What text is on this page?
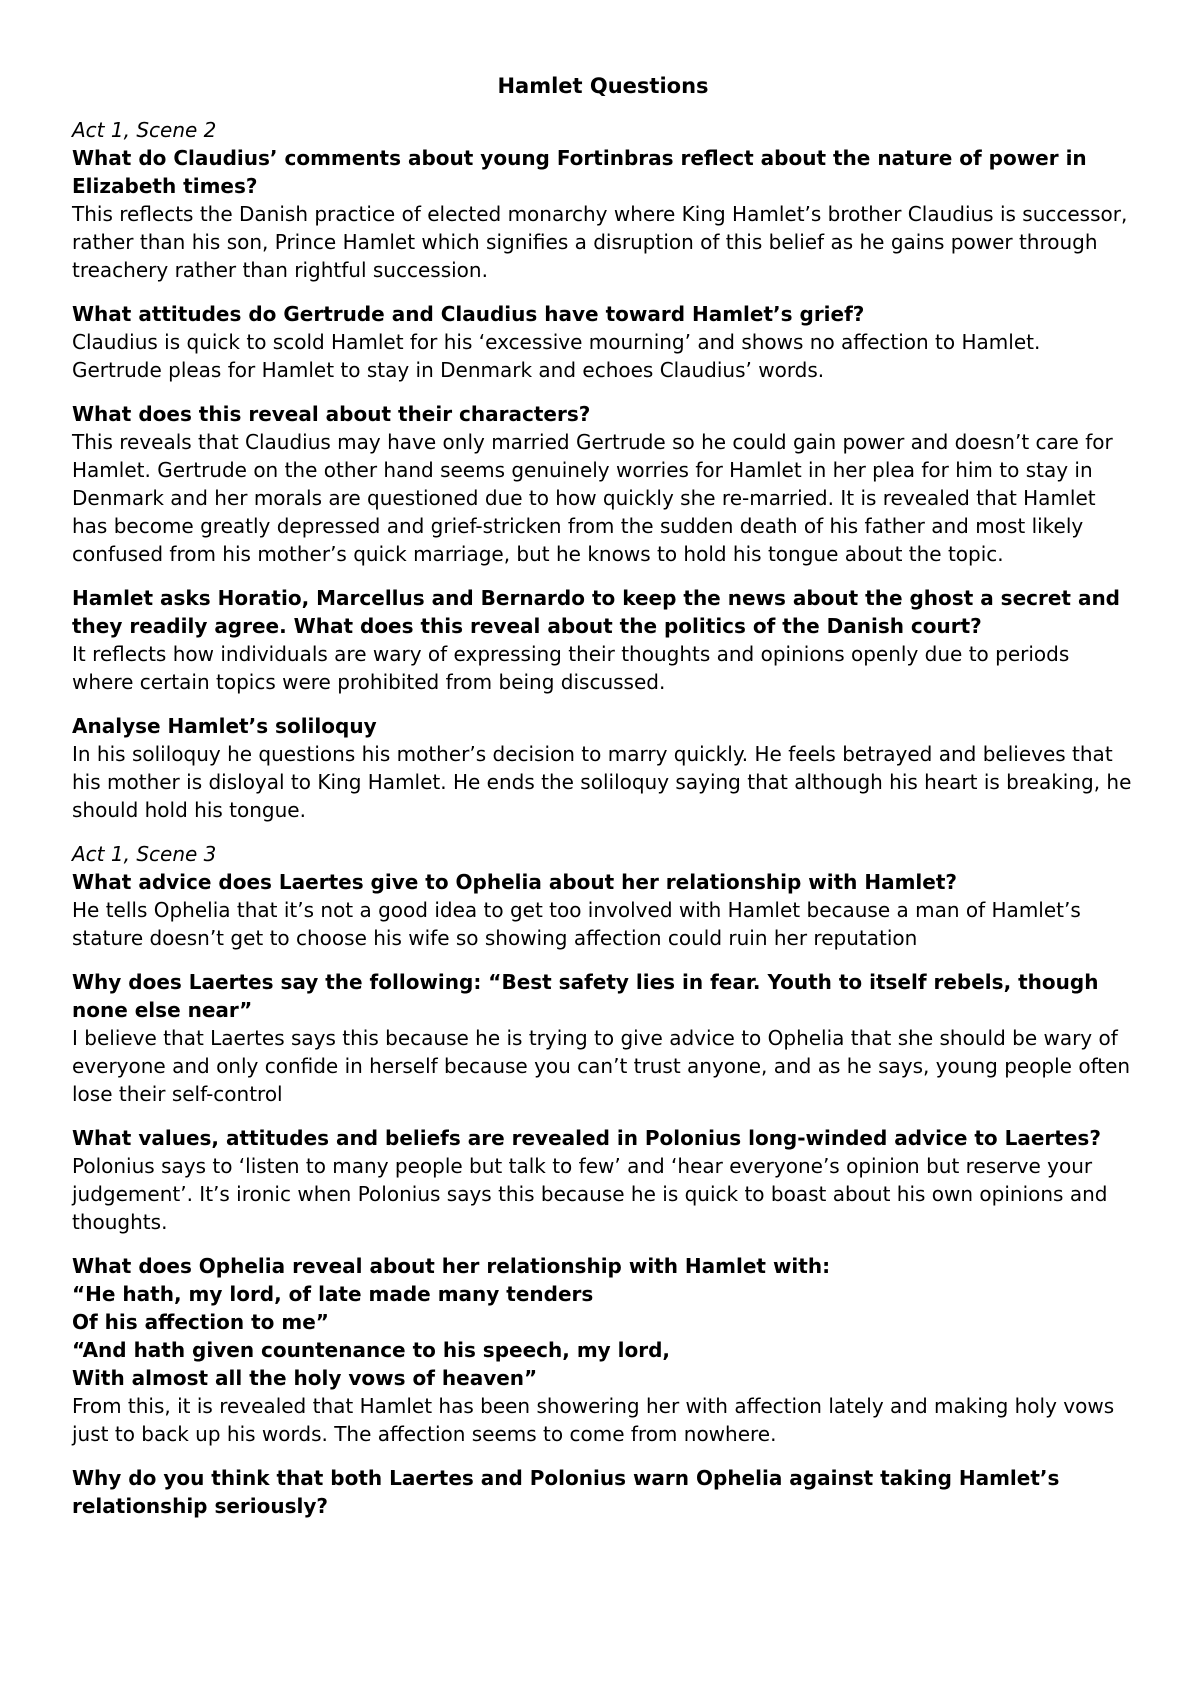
Hamlet Questions

Act 1, Scene 2

What do Claudius’ comments about young Fortinbras reflect about the nature of power in Elizabeth times?

This reflects the Danish practice of elected monarchy where King Hamlet’s brother Claudius is successor, rather than his son, Prince Hamlet which signifies a disruption of this belief as he gains power through treachery rather than rightful succession.

What attitudes do Gertrude and Claudius have toward Hamlet’s grief?

Claudius is quick to scold Hamlet for his ‘excessive mourning’ and shows no affection to Hamlet. Gertrude pleas for Hamlet to stay in Denmark and echoes Claudius’ words.

What does this reveal about their characters?

This reveals that Claudius may have only married Gertrude so he could gain power and doesn’t care for Hamlet. Gertrude on the other hand seems genuinely worries for Hamlet in her plea for him to stay in Denmark and her morals are questioned due to how quickly she re-married. It is revealed that Hamlet has become greatly depressed and grief-stricken from the sudden death of his father and most likely confused from his mother’s quick marriage, but he knows to hold his tongue about the topic.

Hamlet asks Horatio, Marcellus and Bernardo to keep the news about the ghost a secret and they readily agree. What does this reveal about the politics of the Danish court?

It reflects how individuals are wary of expressing their thoughts and opinions openly due to periods where certain topics were prohibited from being discussed.

Analyse Hamlet’s soliloquy

In his soliloquy he questions his mother’s decision to marry quickly. He feels betrayed and believes that his mother is disloyal to King Hamlet. He ends the soliloquy saying that although his heart is breaking, he should hold his tongue.

Act 1, Scene 3

What advice does Laertes give to Ophelia about her relationship with Hamlet?

He tells Ophelia that it’s not a good idea to get too involved with Hamlet because a man of Hamlet’s stature doesn’t get to choose his wife so showing affection could ruin her reputation

Why does Laertes say the following: “Best safety lies in fear. Youth to itself rebels, though none else near”

I believe that Laertes says this because he is trying to give advice to Ophelia that she should be wary of everyone and only confide in herself because you can’t trust anyone, and as he says, young people often lose their self-control

What values, attitudes and beliefs are revealed in Polonius long-winded advice to Laertes?

Polonius says to ‘listen to many people but talk to few’ and ‘hear everyone’s opinion but reserve your judgement’. It’s ironic when Polonius says this because he is quick to boast about his own opinions and thoughts.

What does Ophelia reveal about her relationship with Hamlet with:

“He hath, my lord, of late made many tenders

Of his affection to me”

“And hath given countenance to his speech, my lord,

With almost all the holy vows of heaven”

From this, it is revealed that Hamlet has been showering her with affection lately and making holy vows just to back up his words. The affection seems to come from nowhere.

Why do you think that both Laertes and Polonius warn Ophelia against taking Hamlet’s relationship seriously?
